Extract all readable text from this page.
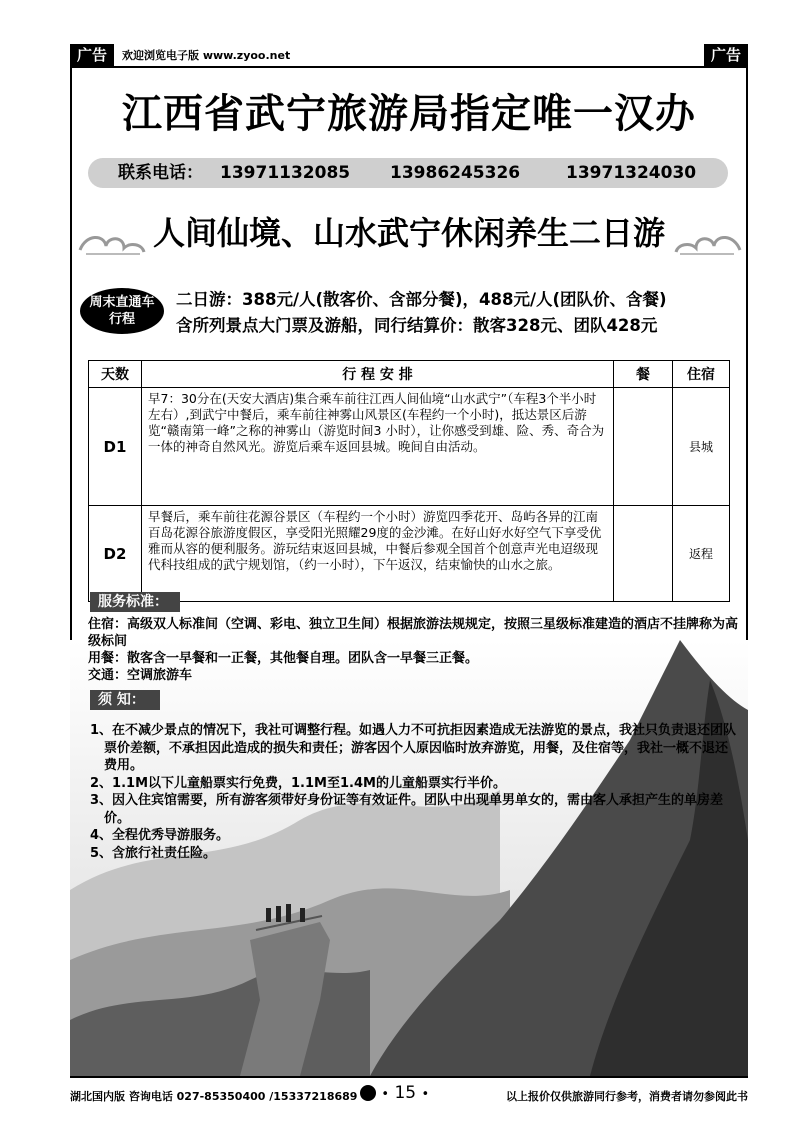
广告	欢迎浏览电子版 www.zyoo.net	广告
江西省武宁旅游局指定唯一汉办
联系电话： 13971132085 13986245326	13971324030
人间仙境、山水武宁休闲养生二日游
周末直通车
行程
二日游：388元/人(散客价、含部分餐)，488元/人(团队价、含餐)
含所列景点大门票及游船，同行结算价：散客328元、团队428元
天数	行 程 安 排	餐	住宿
D1	早7：30分在(天安大酒店)集合乘车前往江西人间仙境“山水武宁”（车程3个半小时左右）,到武宁中餐后，乘车前往神雾山风景区(车程约一个小时)，抵达景区后游览“赣南第一峰”之称的神雾山（游览时间3 小时），让你感受到雄、险、秀、奇合为一体的神奇自然风光。游览后乘车返回县城。晚间自由活动。		县城
D2	早餐后，乘车前往花源谷景区（车程约一个小时）游览四季花开、岛屿各异的江南百岛花源谷旅游度假区，享受阳光照耀29度的金沙滩。在好山好水好空气下享受优雅而从容的便利服务。游玩结束返回县城，中餐后参观全国首个创意声光电迢级现代科技组成的武宁规划馆，（约一小时），下午返汉，结束愉快的山水之旅。		返程
服务标准：
住宿：高级双人标准间（空调、彩电、独立卫生间）根据旅游法规规定，按照三星级标准建造的酒店不挂牌称为高级标间
用餐：散客含一早餐和一正餐，其他餐自理。团队含一早餐三正餐。
交通：空调旅游车
须 知：
1、在不减少景点的情况下，我社可调整行程。如遇人力不可抗拒因素造成无法游览的景点，我社只负责退还团队票价差额，不承担因此造成的损失和责任；游客因个人原因临时放弃游览，用餐，及住宿等，我社一概不退还费用。
2、1.1M以下儿童船票实行免费，1.1M至1.4M的儿童船票实行半价。
3、因入住宾馆需要，所有游客须带好身份证等有效证件。团队中出现单男单女的，需由客人承担产生的单房差价。
4、全程优秀导游服务。
5、含旅行社责任险。
湖北国内版 咨询电话 027-85350400 /15337218689	• 15 •	以上报价仅供旅游同行参考，消费者请勿参阅此书
